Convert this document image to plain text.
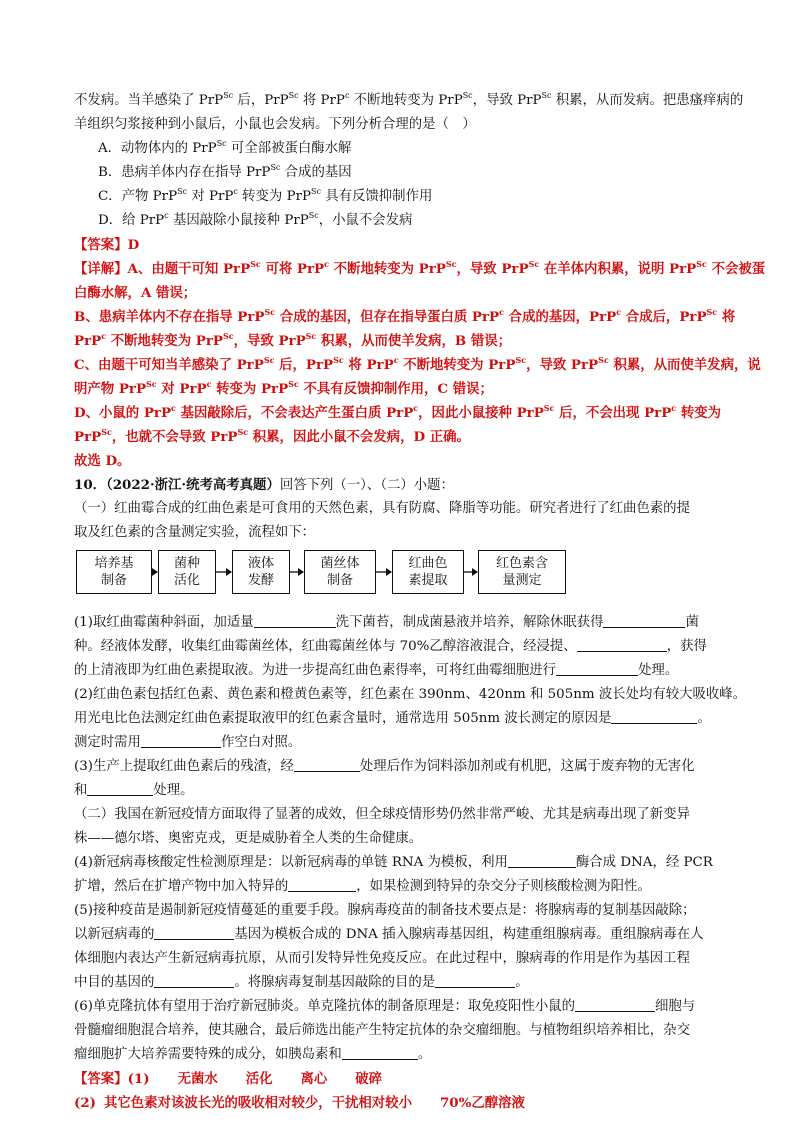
不发病。当羊感染了 PrP$^{Sc}$ 后，PrP$^{Sc}$ 将 PrP$^c$ 不断地转变为 PrP$^{Sc}$，导致 PrP$^{Sc}$ 积累，从而发病。把患瘙痒病的
羊组织匀浆接种到小鼠后，小鼠也会发病。下列分析合理的是（　）
A．动物体内的 PrP$^{Sc}$ 可全部被蛋白酶水解
B．患病羊体内存在指导 PrP$^{Sc}$ 合成的基因
C．产物 PrP$^{Sc}$ 对 PrP$^c$ 转变为 PrP$^{Sc}$ 具有反馈抑制作用
D．给 PrP$^c$ 基因敲除小鼠接种 PrP$^{Sc}$，小鼠不会发病
【答案】D
【详解】A、由题干可知 PrP$^{Sc}$ 可将 PrP$^c$ 不断地转变为 PrP$^{Sc}$，导致 PrP$^{Sc}$ 在羊体内积累，说明 PrP$^{Sc}$ 不会被蛋
白酶水解，A 错误；
B、患病羊体内不存在指导 PrP$^{Sc}$ 合成的基因，但存在指导蛋白质 PrP$^c$ 合成的基因，PrP$^c$ 合成后，PrP$^{Sc}$ 将
PrP$^c$ 不断地转变为 PrP$^{Sc}$，导致 PrP$^{Sc}$ 积累，从而使羊发病，B 错误；
C、由题干可知当羊感染了 PrP$^{Sc}$ 后，PrP$^{Sc}$ 将 PrP$^c$ 不断地转变为 PrP$^{Sc}$，导致 PrP$^{Sc}$ 积累，从而使羊发病，说
明产物 PrP$^{Sc}$ 对 PrP$^c$ 转变为 PrP$^{Sc}$ 不具有反馈抑制作用，C 错误；
D、小鼠的 PrP$^c$ 基因敲除后，不会表达产生蛋白质 PrP$^c$，因此小鼠接种 PrP$^{Sc}$ 后，不会出现 PrP$^c$ 转变为
PrP$^{Sc}$，也就不会导致 PrP$^{Sc}$ 积累，因此小鼠不会发病，D 正确。
故选 D。
10．（2022·浙江·统考高考真题）回答下列（一）、（二）小题：
（一）红曲霉合成的红曲色素是可食用的天然色素，具有防腐、降脂等功能。研究者进行了红曲色素的提
取及红色素的含量测定实验，流程如下：
培养基
制备
菌种
活化
液体
发酵
菌丝体
制备
红曲色
素提取
红色素含
量测定
(1)取红曲霉菌种斜面，加适量	洗下菌苔，制成菌悬液并培养，解除休眠获得	菌
种。经液体发酵，收集红曲霉菌丝体，红曲霉菌丝体与 70%乙醇溶液混合，经浸提、	，获得
的上清液即为红曲色素提取液。为进一步提高红曲色素得率，可将红曲霉细胞进行	处理。
(2)红曲色素包括红色素、黄色素和橙黄色素等，红色素在 390nm、420nm 和 505nm 波长处均有较大吸收峰。
用光电比色法测定红曲色素提取液甲的红色素含量时，通常选用 505nm 波长测定的原因是	。
测定时需用	作空白对照。
(3)生产上提取红曲色素后的残渣，经	处理后作为饲料添加剂或有机肥，这属于废弃物的无害化
和	处理。
（二）我国在新冠疫情方面取得了显著的成效，但全球疫情形势仍然非常严峻、尤其是病毒出现了新变异
株——德尔塔、奥密克戎，更是威胁着全人类的生命健康。
(4)新冠病毒核酸定性检测原理是：以新冠病毒的单链 RNA 为模板，利用	酶合成 DNA，经 PCR
扩增，然后在扩增产物中加入特异的	，如果检测到特异的杂交分子则核酸检测为阳性。
(5)接种疫苗是遏制新冠疫情蔓延的重要手段。腺病毒疫苗的制备技术要点是：将腺病毒的复制基因敲除；
以新冠病毒的	基因为模板合成的 DNA 插入腺病毒基因组，构建重组腺病毒。重组腺病毒在人
体细胞内表达产生新冠病毒抗原，从而引发特异性免疫反应。在此过程中，腺病毒的作用是作为基因工程
中目的基因的	。将腺病毒复制基因敲除的目的是	。
(6)单克隆抗体有望用于治疗新冠肺炎。单克隆抗体的制备原理是：取免疫阳性小鼠的	细胞与
骨髓瘤细胞混合培养，使其融合，最后筛选出能产生特定抗体的杂交瘤细胞。与植物组织培养相比，杂交
瘤细胞扩大培养需要特殊的成分，如胰岛素和	。
【答案】(1) 无菌水 活化 离心 破碎
(2) 其它色素对该波长光的吸收相对较少，干扰相对较小 70%乙醇溶液
